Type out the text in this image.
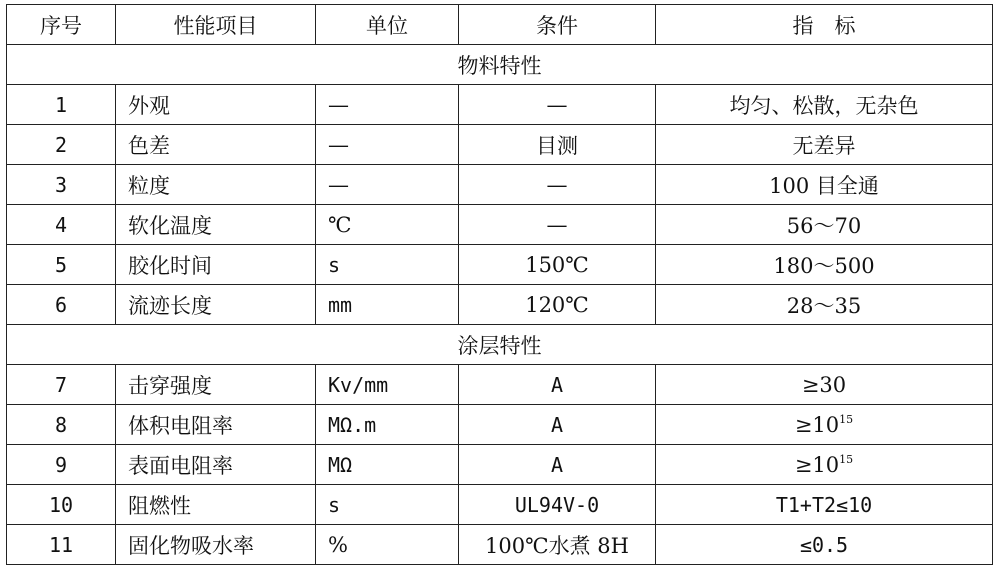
序号	性能项目	单位	条件	指　标
物料特性				
1	外观	—	—	均匀、松散，无杂色
2	色差	—	目测	无差异
3	粒度	—	—	100 目全通
4	软化温度	℃	—	56～70
5	胶化时间	s	150℃	180～500
6	流迹长度	mm	120℃	28～35
涂层特性				
7	击穿强度	Kv/mm	A	≥30
8	体积电阻率	MΩ.m	A	$\ge 10^{15}$
9	表面电阻率	MΩ	A	$\ge 10^{15}$
10	阻燃性	s	UL94V-0	T1+T2≤10
11	固化物吸水率	%	100℃水煮 8H	≤0.5
